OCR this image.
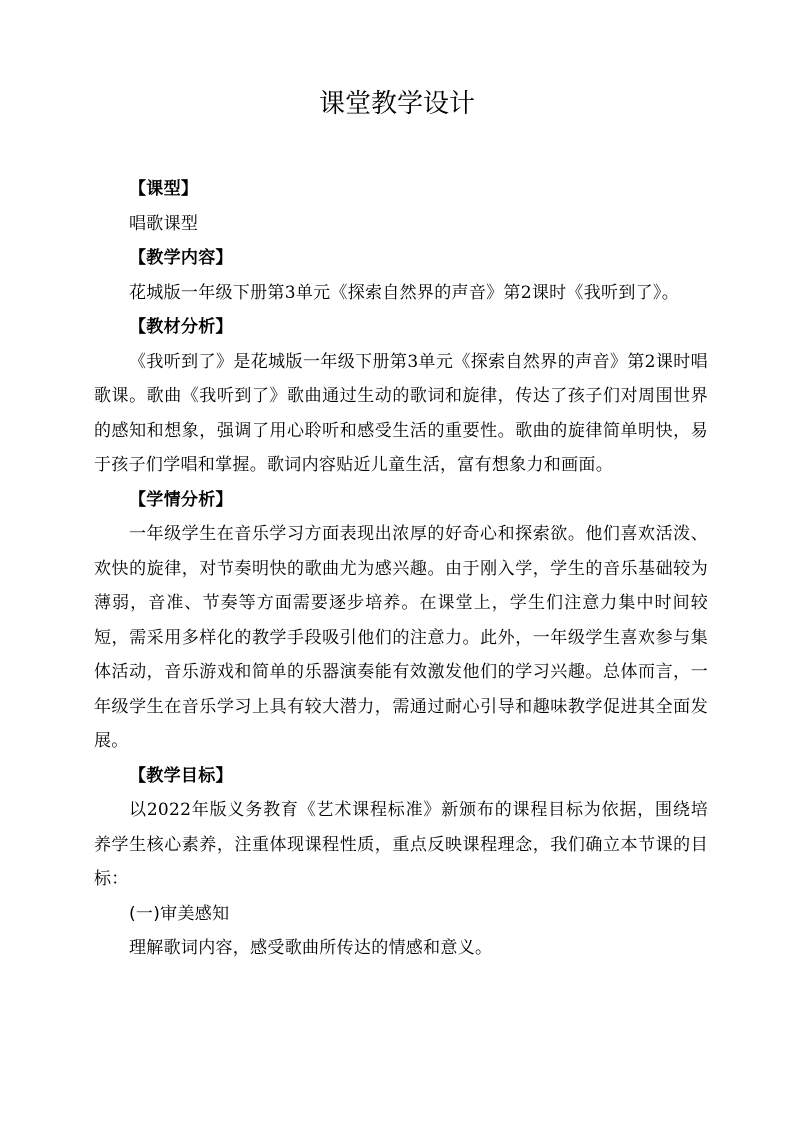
课堂教学设计

【课型】

唱歌课型

【教学内容】

花城版一年级下册第3单元《探索自然界的声音》第2课时《我听到了》。

【教材分析】

《我听到了》是花城版一年级下册第3单元《探索自然界的声音》第2课时唱歌课。歌曲《我听到了》歌曲通过生动的歌词和旋律，传达了孩子们对周围世界的感知和想象，强调了用心聆听和感受生活的重要性。歌曲的旋律简单明快，易于孩子们学唱和掌握。歌词内容贴近儿童生活，富有想象力和画面。

【学情分析】

一年级学生在音乐学习方面表现出浓厚的好奇心和探索欲。他们喜欢活泼、欢快的旋律，对节奏明快的歌曲尤为感兴趣。由于刚入学，学生的音乐基础较为薄弱，音准、节奏等方面需要逐步培养。在课堂上，学生们注意力集中时间较短，需采用多样化的教学手段吸引他们的注意力。此外，一年级学生喜欢参与集体活动，音乐游戏和简单的乐器演奏能有效激发他们的学习兴趣。总体而言，一年级学生在音乐学习上具有较大潜力，需通过耐心引导和趣味教学促进其全面发展。

【教学目标】

以2022年版义务教育《艺术课程标准》新颁布的课程目标为依据，围绕培养学生核心素养，注重体现课程性质，重点反映课程理念，我们确立本节课的目标：

(一)审美感知

理解歌词内容，感受歌曲所传达的情感和意义。
